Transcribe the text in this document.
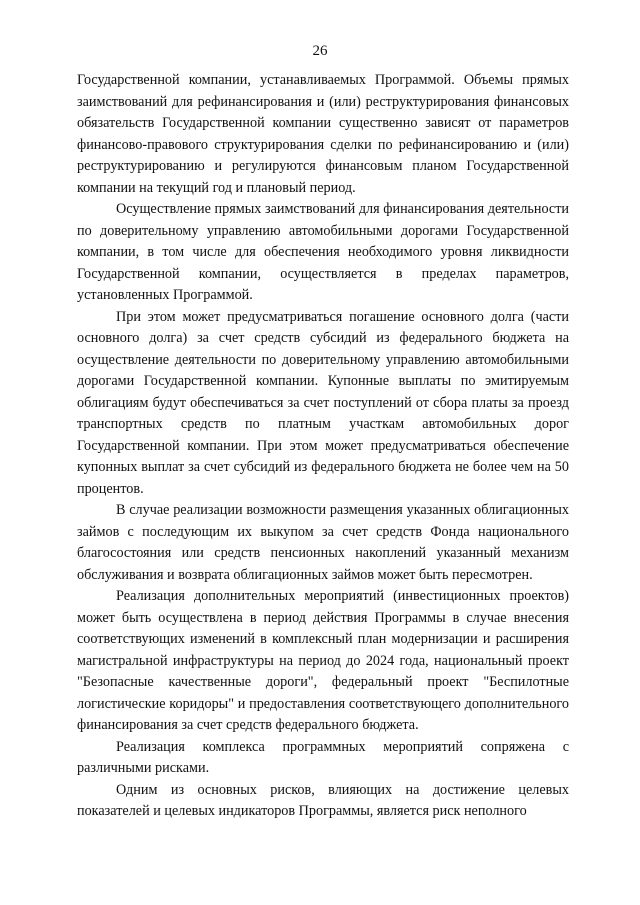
26

Государственной компании, устанавливаемых Программой. Объемы прямых заимствований для рефинансирования и (или) реструктурирования финансовых обязательств Государственной компании существенно зависят от параметров финансово-правового структурирования сделки по рефинансированию и (или) реструктурированию и регулируются финансовым планом Государственной компании на текущий год и плановый период.

Осуществление прямых заимствований для финансирования деятельности по доверительному управлению автомобильными дорогами Государственной компании, в том числе для обеспечения необходимого уровня ликвидности Государственной компании, осуществляется в пределах параметров, установленных Программой.

При этом может предусматриваться погашение основного долга (части основного долга) за счет средств субсидий из федерального бюджета на осуществление деятельности по доверительному управлению автомобильными дорогами Государственной компании. Купонные выплаты по эмитируемым облигациям будут обеспечиваться за счет поступлений от сбора платы за проезд транспортных средств по платным участкам автомобильных дорог Государственной компании. При этом может предусматриваться обеспечение купонных выплат за счет субсидий из федерального бюджета не более чем на 50 процентов.

В случае реализации возможности размещения указанных облигационных займов с последующим их выкупом за счет средств Фонда национального благосостояния или средств пенсионных накоплений указанный механизм обслуживания и возврата облигационных займов может быть пересмотрен.

Реализация дополнительных мероприятий (инвестиционных проектов) может быть осуществлена в период действия Программы в случае внесения соответствующих изменений в комплексный план модернизации и расширения магистральной инфраструктуры на период до 2024 года, национальный проект "Безопасные качественные дороги", федеральный проект "Беспилотные логистические коридоры" и предоставления соответствующего дополнительного финансирования за счет средств федерального бюджета.

Реализация комплекса программных мероприятий сопряжена с различными рисками.

Одним из основных рисков, влияющих на достижение целевых показателей и целевых индикаторов Программы, является риск неполного
